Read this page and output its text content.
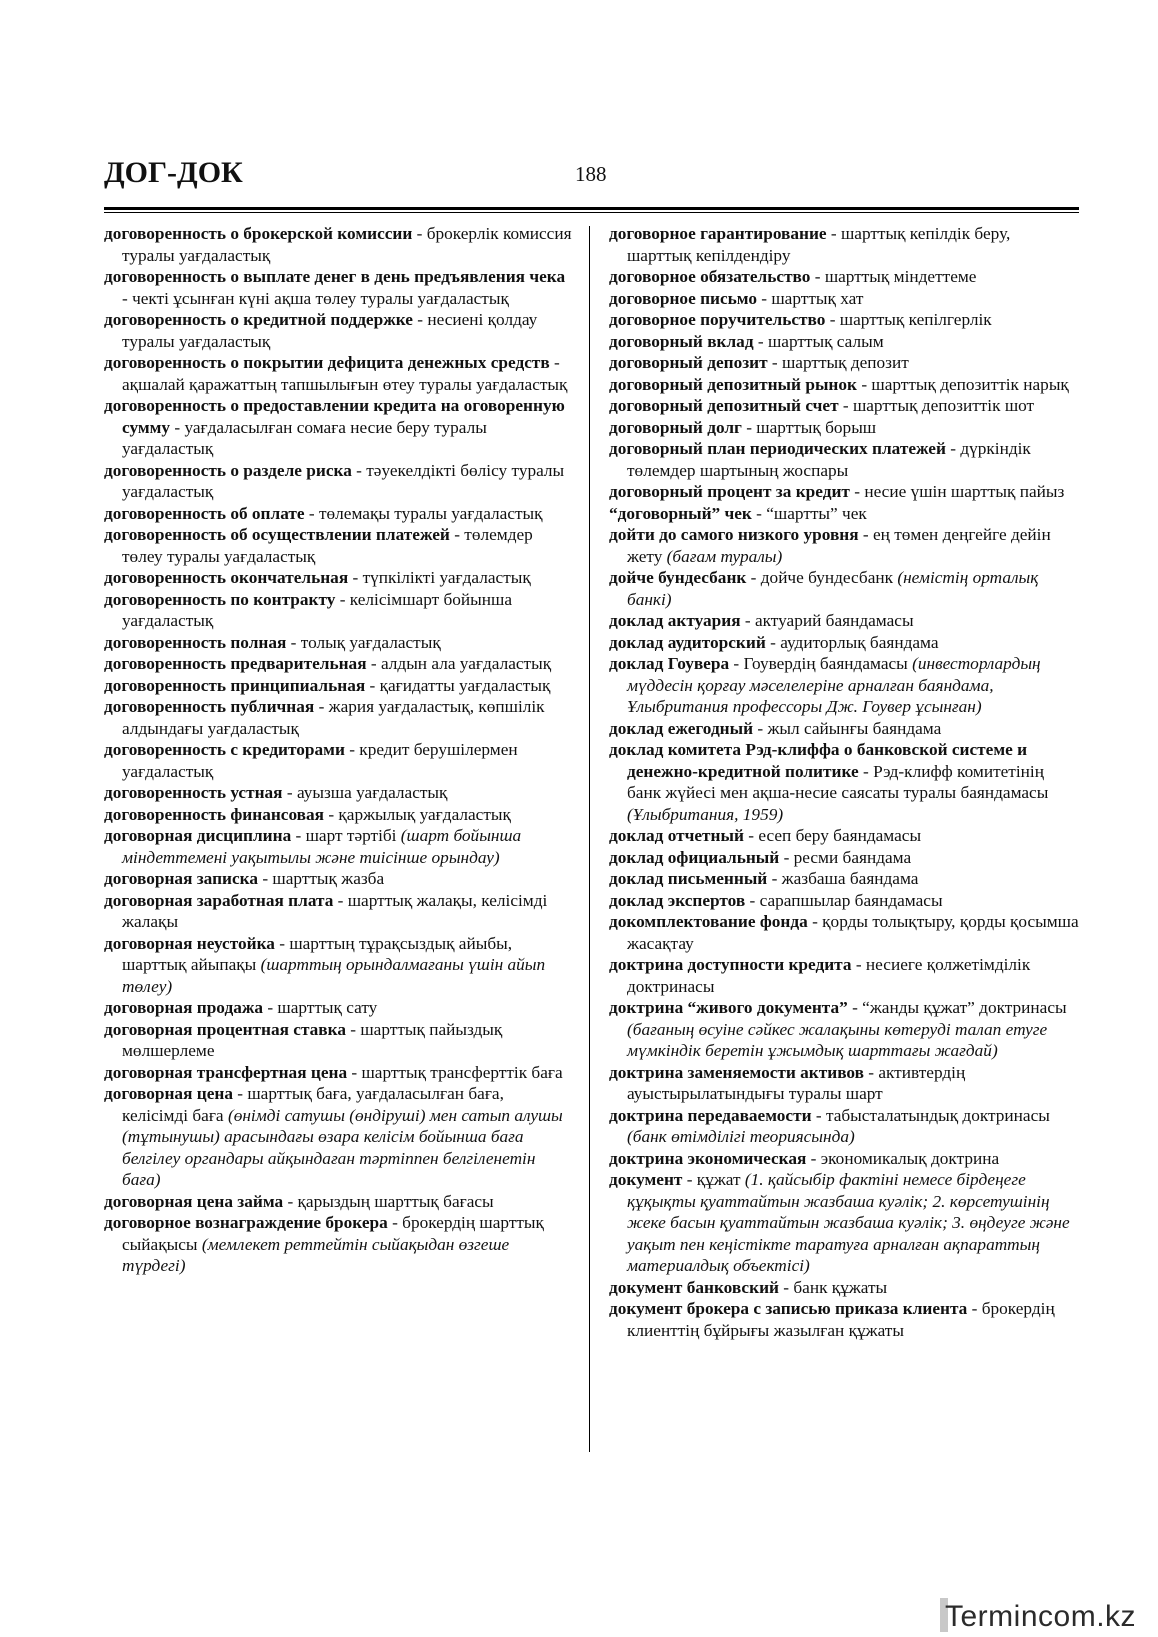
ДОГ-ДОК	188

договоренность о брокерской комиссии - брокерлік комиссия туралы уағдаластық

договоренность о выплате денег в день предъявления чека - чекті ұсынған күні ақша төлеу туралы уағдаластық

договоренность о кредитной поддержке - несиені қолдау туралы уағдаластық

договоренность о покрытии дефицита денежных средств - ақшалай қаражаттың тапшылығын өтеу туралы уағдаластық

договоренность о предоставлении кредита на оговоренную сумму - уағдаласылған сомаға несие беру туралы уағдаластық

договоренность о разделе риска - тәуекелдікті бөлісу туралы уағдаластық

договоренность об оплате - төлемақы туралы уағдаластық

договоренность об осуществлении платежей - төлемдер төлеу туралы уағдаластық

договоренность окончательная - түпкілікті уағдаластық

договоренность по контракту - келісімшарт бойынша уағдаластық

договоренность полная - толық уағдаластық

договоренность предварительная - алдын ала уағдаластық

договоренность принципиальная - қағидатты уағдаластық

договоренность публичная - жария уағдаластық, көпшілік алдындағы уағдаластық

договоренность с кредиторами - кредит берушілермен уағдаластық

договоренность устная - ауызша уағдаластық

договоренность финансовая - қаржылық уағдаластық

договорная дисциплина - шарт тәртібі (шарт бойынша міндеттемені уақытылы және тиісінше орындау)

договорная записка - шарттық жазба

договорная заработная плата - шарттық жалақы, келісімді жалақы

договорная неустойка - шарттың тұрақсыздық айыбы, шарттық айыпақы (шарттың орындалмағаны үшін айып төлеу)

договорная продажа - шарттық сату

договорная процентная ставка - шарттық пайыздық мөлшерлеме

договорная трансфертная цена - шарттық трансферттік баға

договорная цена - шарттық баға, уағдаласылған баға, келісімді баға (өнімді сатушы (өндіруші) мен сатып алушы (тұтынушы) арасындағы өзара келісім бойынша баға белгілеу органдары айқындаған тәртіппен белгіленетін баға)

договорная цена займа - қарыздың шарттық бағасы

договорное вознаграждение брокера - брокердің шарттық сыйақысы (мемлекет реттейтін сыйақыдан өзгеше түрдегі)

договорное гарантирование - шарттық кепілдік беру, шарттық кепілдендіру

договорное обязательство - шарттық міндеттеме

договорное письмо - шарттық хат

договорное поручительство - шарттық кепілгерлік

договорный вклад - шарттық салым

договорный депозит - шарттық депозит

договорный депозитный рынок - шарттық депозиттік нарық

договорный депозитный счет - шарттық депозиттік шот

договорный долг - шарттық борыш

договорный план периодических платежей - дүркіндік төлемдер шартының жоспары

договорный процент за кредит - несие үшін шарттық пайыз

“договорный” чек - “шартты” чек

дойти до самого низкого уровня - ең төмен деңгейге дейін жету (бағам туралы)

дойче бундесбанк - дойче бундесбанк (немістің орталық банкі)

доклад актуария - актуарий баяндамасы

доклад аудиторский - аудиторлық баяндама

доклад Гоувера - Гоувердің баяндамасы (инвесторлардың мүддесін қорғау мәселелеріне арналған баяндама, Ұлыбритания профессоры Дж. Гоувер ұсынған)

доклад ежегодный - жыл сайынғы баяндама

доклад комитета Рэд-клиффа о банковской системе и денежно-кредитной политике - Рэд-клифф комитетінің банк жүйесі мен ақша-несие саясаты туралы баяндамасы (Ұлыбритания, 1959)

доклад отчетный - есеп беру баяндамасы

доклад официальный - ресми баяндама

доклад письменный - жазбаша баяндама

доклад экспертов - сарапшылар баяндамасы

докомплектование фонда - қорды толықтыру, қорды қосымша жасақтау

доктрина доступности кредита - несиеге қолжетімділік доктринасы

доктрина “живого документа” - “жанды құжат” доктринасы (бағаның өсуіне сәйкес жалақыны көтеруді талап етуге мүмкіндік беретін ұжымдық шарттағы жағдай)

доктрина заменяемости активов - активтердің ауыстырылатындығы туралы шарт

доктрина передаваемости - табысталатындық доктринасы (банк өтімділігі теориясында)

доктрина экономическая - экономикалық доктрина

документ - құжат (1. қайсыбір фактіні немесе бірдеңеге құқықты қуаттайтын жазбаша куәлік; 2. көрсетушінің жеке басын қуаттайтын жазбаша куәлік; 3. өңдеуге және уақыт пен кеңістікте таратуға арналған ақпараттың материалдық объектісі)

документ банковский - банк құжаты

документ брокера с записью приказа клиента - брокердің клиенттің бұйрығы жазылған құжаты

Termincom.kz
